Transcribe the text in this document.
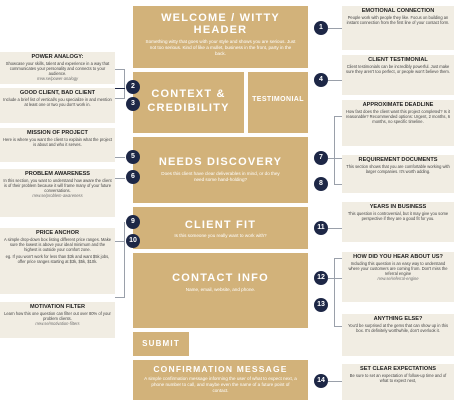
WELCOME / WITTY HEADER
Something witty that goes with your style and shows you are serious. Just not too serious. Kind of like a mullet, business in the front, party in the back.
CONTEXT &
CREDIBILITY
TESTIMONIAL
NEEDS DISCOVERY
Does this client have clear deliverables in mind, or do they need some hand-holding?
CLIENT FIT
Is this someone you really want to work with?
CONTACT INFO
Name, email, website, and phone.
SUBMIT
CONFIRMATION MESSAGE
A simple confirmation message informing the user of what to expect next, a phone number to call, and maybe even the name of a future point of contact.
POWER ANALOGY:
Showcase your skills, talent and experience in a way that communicates your personality and connects to your audience.
rrew.se/power-analogy
GOOD CLIENT, BAD CLIENT
Include a brief list of vertical/s you specialize in and mention at least one or two you don't work in.
MISSION OF PROJECT
Here is where you want the client to explain what the project is about and who it serves.
PROBLEM AWARENESS
In this section, you want to understand how aware the client is of their problem because it will frame many of your future conversations.
rrew.se/problem-awareness
PRICE ANCHOR
A simple drop-down box listing different price ranges. Make sure the lowest is above your ideal minimum and the highest is outside your comfort zone.
eg. If you won't work for less than $3k and want $5k jobs, offer price ranges starting at $3k, $5k, $10k.
MOTIVATION FILTER
Learn how this one question can filter out over 80% of your problem clients.
rrew.se/motivation-filters
EMOTIONAL CONNECTION
People work with people they like. Focus on building an instant connection from the first line of your contact form.
CLIENT TESTIMONIAL
Client testimonials can be incredibly powerful. Just make sure they aren't too perfect, or people won't believe them.
APPROXIMATE DEADLINE
How fast does the client want this project completed? Is it reasonable? Recommended options: Urgent, 2 months, 6 months, no specific timeline.
REQUIREMENT DOCUMENTS
This section shows that you are comfortable working with larger companies. It's worth adding.
YEARS IN BUSINESS
This question is controversial, but it may give you some perspective if they are a good fit for you.
HOW DID YOU HEAR ABOUT US?
Including this question is an easy way to understand where your customers are coming from. Don't miss the referral engine
rrew.se/referral-engine
ANYTHING ELSE?
You'd be surprised at the gems that can show up in this box. It's definitely worthwhile, don't overlook it.
SET CLEAR EXPECTATIONS
Be sure to set an expectation of follow-up time and of what to expect next,
1
2
3
4
5
6
7
8
9
10
11
12
13
14
